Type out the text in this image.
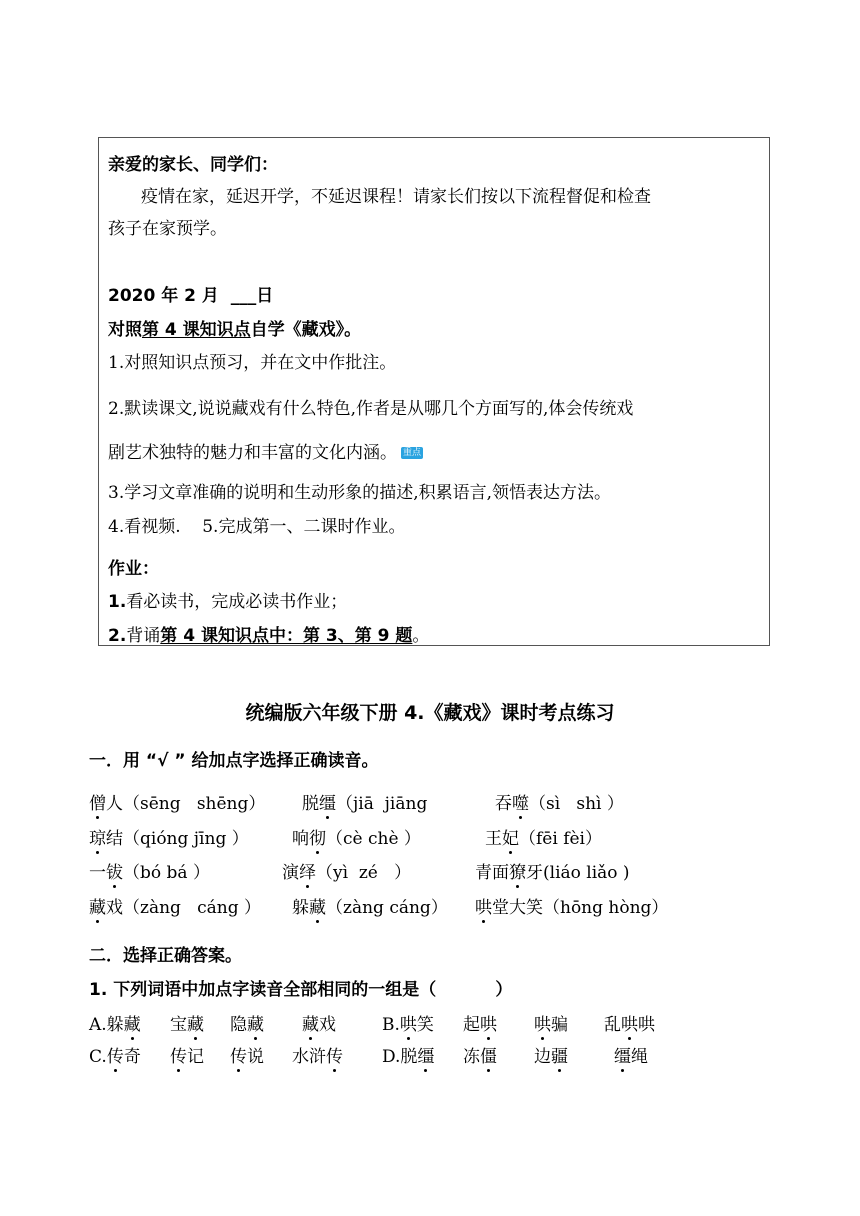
亲爱的家长、同学们：
疫情在家，延迟开学，不延迟课程！请家长们按以下流程督促和检查
孩子在家预学。
2020 年 2 月  ___日
对照第 4 课知识点自学《藏戏》。
1.对照知识点预习，并在文中作批注。
2.默读课文,说说藏戏有什么特色,作者是从哪几个方面写的,体会传统戏
剧艺术独特的魅力和丰富的文化内涵。 重点
3.学习文章准确的说明和生动形象的描述,积累语言,领悟表达方法。
4.看视频.    5.完成第一、二课时作业。
作业：
1.看必读书，完成必读书作业；
2.背诵第 4 课知识点中：第 3、第 9 题。
统编版六年级下册 4.《藏戏》课时考点练习
一．用 “√ ” 给加点字选择正确读音。
僧人（sēng   shēng） 脱缰（jiā  jiāng	吞噬（sì   shì ）
琼结（qióng jīng ）	响彻（cè chè ）	王妃（fēi fèi）
一钹（bó bá ）	演绎（yì  zé   ）	青面獠牙(liáo liǎo )
藏戏（zàng   cáng ） 躲藏（zàng cáng） 哄堂大笑（hōng hòng）
二．选择正确答案。
1. 下列词语中加点字读音全部相同的一组是（          ）
A.躲藏 宝藏 隐藏 藏戏	B.哄笑 起哄 哄骗 乱哄哄
C.传奇 传记 传说 水浒传 D.脱缰 冻僵 边疆	缰绳
